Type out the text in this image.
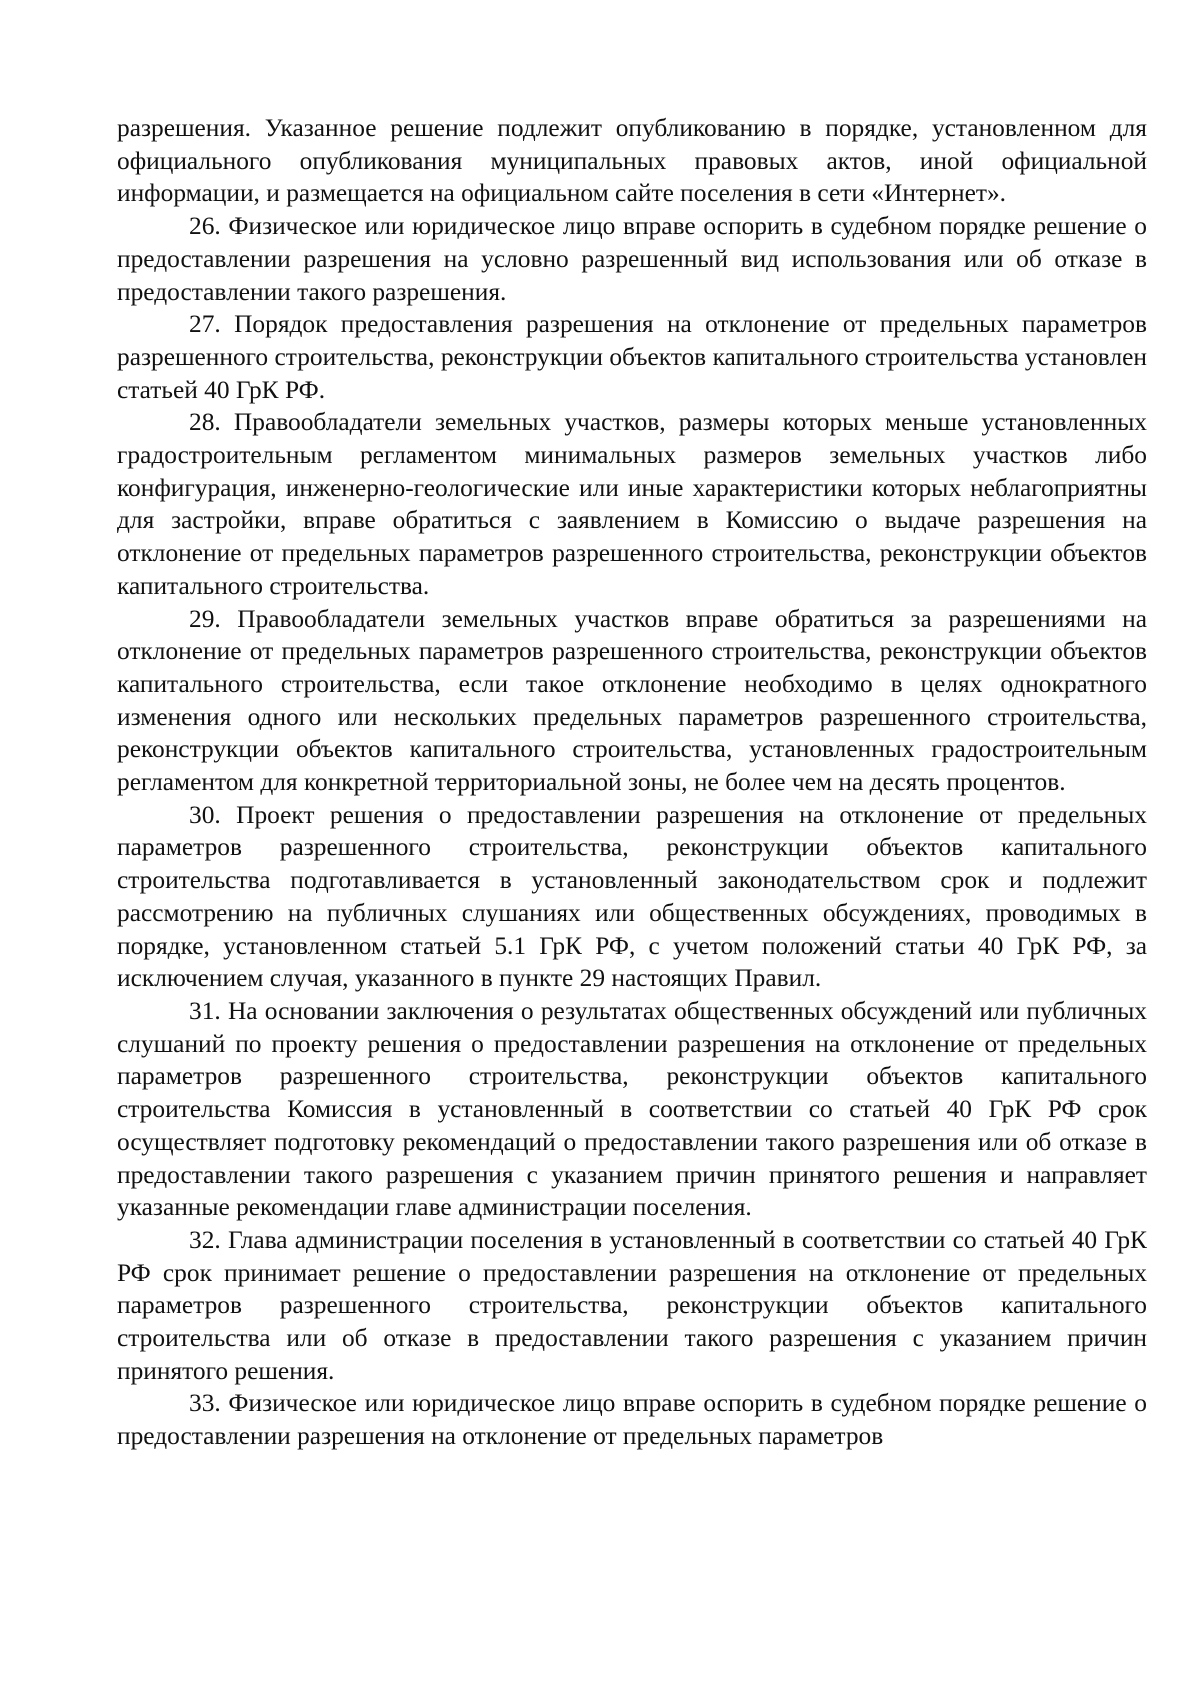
разрешения. Указанное решение подлежит опубликованию в порядке, установленном для официального опубликования муниципальных правовых актов, иной официальной информации, и размещается на официальном сайте поселения в сети «Интернет».

26. Физическое или юридическое лицо вправе оспорить в судебном порядке решение о предоставлении разрешения на условно разрешенный вид использования или об отказе в предоставлении такого разрешения.

27. Порядок предоставления разрешения на отклонение от предельных параметров разрешенного строительства, реконструкции объектов капитального строительства установлен статьей 40 ГрК РФ.

28. Правообладатели земельных участков, размеры которых меньше установленных градостроительным регламентом минимальных размеров земельных участков либо конфигурация, инженерно-геологические или иные характеристики которых неблагоприятны для застройки, вправе обратиться с заявлением в Комиссию о выдаче разрешения на отклонение от предельных параметров разрешенного строительства, реконструкции объектов капитального строительства.

29. Правообладатели земельных участков вправе обратиться за разрешениями на отклонение от предельных параметров разрешенного строительства, реконструкции объектов капитального строительства, если такое отклонение необходимо в целях однократного изменения одного или нескольких предельных параметров разрешенного строительства, реконструкции объектов капитального строительства, установленных градостроительным регламентом для конкретной территориальной зоны, не более чем на десять процентов.

30. Проект решения о предоставлении разрешения на отклонение от предельных параметров разрешенного строительства, реконструкции объектов капитального строительства подготавливается в установленный законодательством срок и подлежит рассмотрению на публичных слушаниях или общественных обсуждениях, проводимых в порядке, установленном статьей 5.1 ГрК РФ, с учетом положений статьи 40 ГрК РФ, за исключением случая, указанного в пункте 29 настоящих Правил.

31. На основании заключения о результатах общественных обсуждений или публичных слушаний по проекту решения о предоставлении разрешения на отклонение от предельных параметров разрешенного строительства, реконструкции объектов капитального строительства Комиссия в установленный в соответствии со статьей 40 ГрК РФ срок осуществляет подготовку рекомендаций о предоставлении такого разрешения или об отказе в предоставлении такого разрешения с указанием причин принятого решения и направляет указанные рекомендации главе администрации поселения.

32. Глава администрации поселения в установленный в соответствии со статьей 40 ГрК РФ срок принимает решение о предоставлении разрешения на отклонение от предельных параметров разрешенного строительства, реконструкции объектов капитального строительства или об отказе в предоставлении такого разрешения с указанием причин принятого решения.

33. Физическое или юридическое лицо вправе оспорить в судебном порядке решение о предоставлении разрешения на отклонение от предельных параметров
